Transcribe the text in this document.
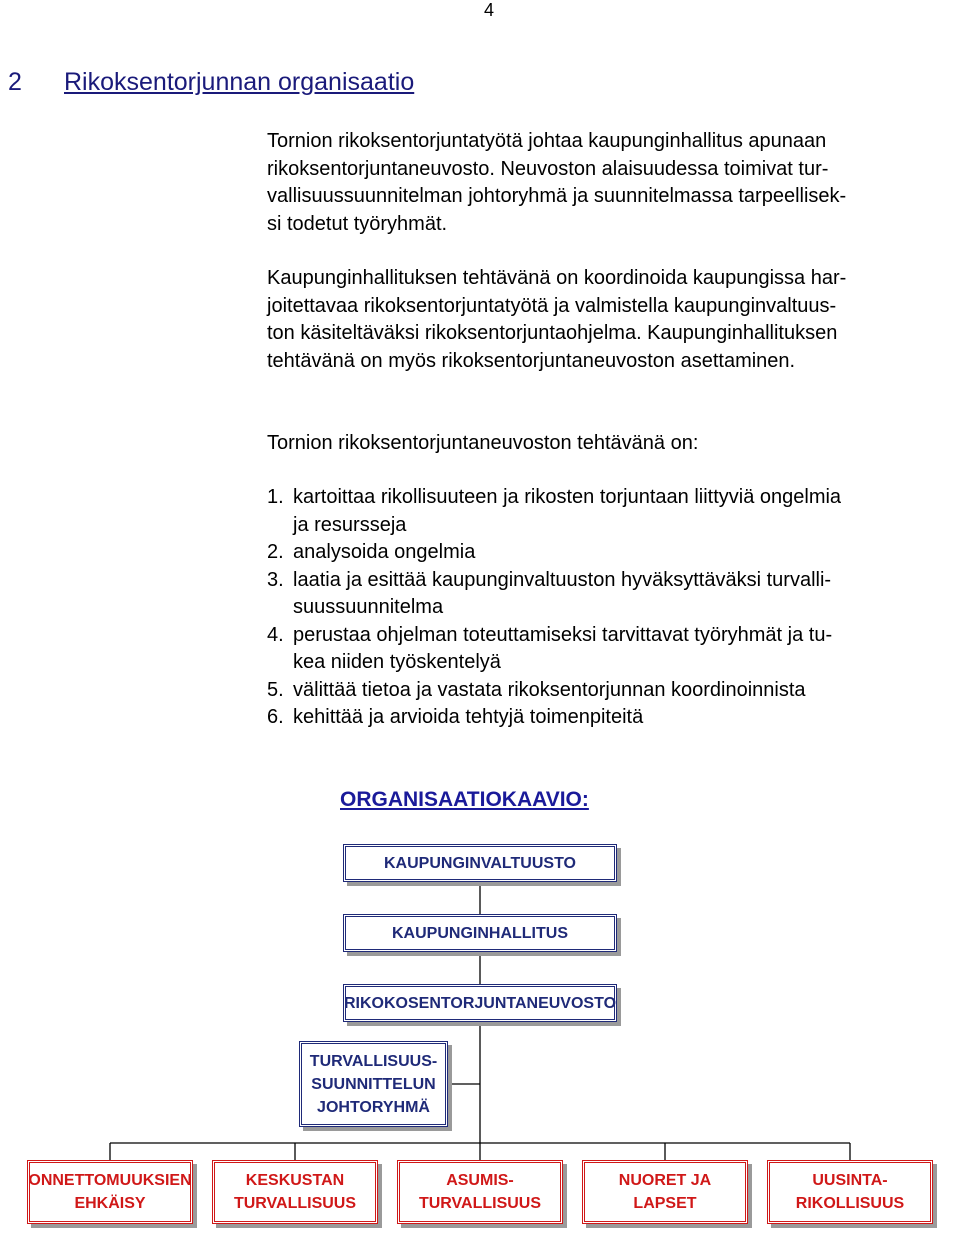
4
2 Rikoksentorjunnan organisaatio
Tornion rikoksentorjuntatyötä johtaa kaupunginhallitus apunaan
rikoksentorjuntaneuvosto. Neuvoston alaisuudessa toimivat tur-
vallisuussuunnitelman johtoryhmä ja suunnitelmassa tarpeellisek-
si todetut työryhmät.
Kaupunginhallituksen tehtävänä on koordinoida kaupungissa har-
joitettavaa rikoksentorjuntatyötä ja valmistella kaupunginvaltuus-
ton käsiteltäväksi rikoksentorjuntaohjelma. Kaupunginhallituksen
tehtävänä on myös rikoksentorjuntaneuvoston asettaminen.
Tornion rikoksentorjuntaneuvoston tehtävänä on:
1. kartoittaa rikollisuuteen ja rikosten torjuntaan liittyviä ongelmia
ja resursseja
2. analysoida ongelmia
3. laatia ja esittää kaupunginvaltuuston hyväksyttäväksi turvalli-
suussuunnitelma
4. perustaa ohjelman toteuttamiseksi tarvittavat työryhmät ja tu-
kea niiden työskentelyä
5. välittää tietoa ja vastata rikoksentorjunnan koordinoinnista
6. kehittää ja arvioida tehtyjä toimenpiteitä
ORGANISAATIOKAAVIO:
KAUPUNGINVALTUUSTO
KAUPUNGINHALLITUS
RIKOKOSENTORJUNTANEUVOSTO
TURVALLISUUS-
SUUNNITTELUN
JOHTORYHMÄ
ONNETTOMUUKSIEN
EHKÄISY
KESKUSTAN
TURVALLISUUS
ASUMIS-
TURVALLISUUS
NUORET JA
LAPSET
UUSINTA-
RIKOLLISUUS
